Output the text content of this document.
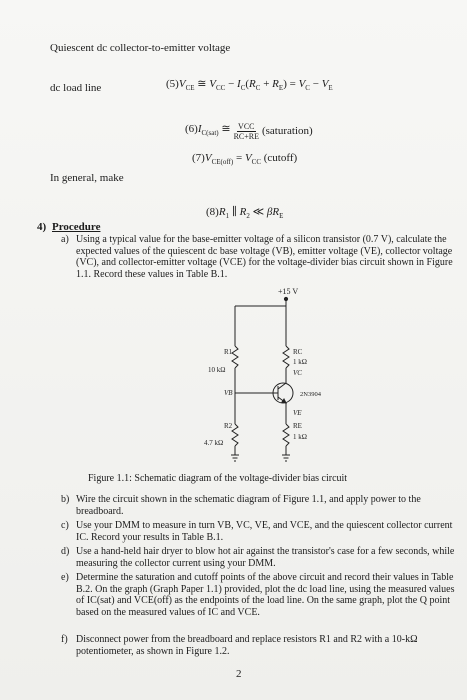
Quiescent dc collector-to-emitter voltage
dc load line	$(5)V_{CE}$ ≅ $V_{CC} - I_C(R_C + R_E) = V_C - V_E$
$(6)I_{C(sat)}$ ≅ VCC
RC+RE (saturation)
$(7)V_{CE(off)} = V_{CC}$ (cutoff)
In general, make
$(8)R_1$ ∥ $R_2$ ≪ $\beta R_E$
4) Procedure
a) Using a typical value for the base-emitter voltage of a silicon transistor (0.7 V), calculate the expected values of the quiescent dc base voltage (VB), emitter voltage (VE), collector voltage (VC), and collector-emitter voltage (VCE) for the voltage-divider bias circuit shown in Figure 1.1. Record these values in Table B.1.
+15 V
R1
10 kΩ
VB
R2
4.7 kΩ
RC
1 kΩ
VC
2N3904
VE
RE
1 kΩ
Figure 1.1: Schematic diagram of the voltage-divider bias circuit
b) Wire the circuit shown in the schematic diagram of Figure 1.1, and apply power to the breadboard.
c) Use your DMM to measure in turn VB, VC, VE, and VCE, and the quiescent collector current IC. Record your results in Table B.1.
d) Use a hand-held hair dryer to blow hot air against the transistor's case for a few seconds, while measuring the collector current using your DMM.
e) Determine the saturation and cutoff points of the above circuit and record their values in Table B.2. On the graph (Graph Paper 1.1) provided, plot the dc load line, using the measured values of IC(sat) and VCE(off) as the endpoints of the load line. On the same graph, plot the Q point based on the measured values of IC and VCE.
f) Disconnect power from the breadboard and replace resistors R1 and R2 with a 10-kΩ potentiometer, as shown in Figure 1.2.
2
